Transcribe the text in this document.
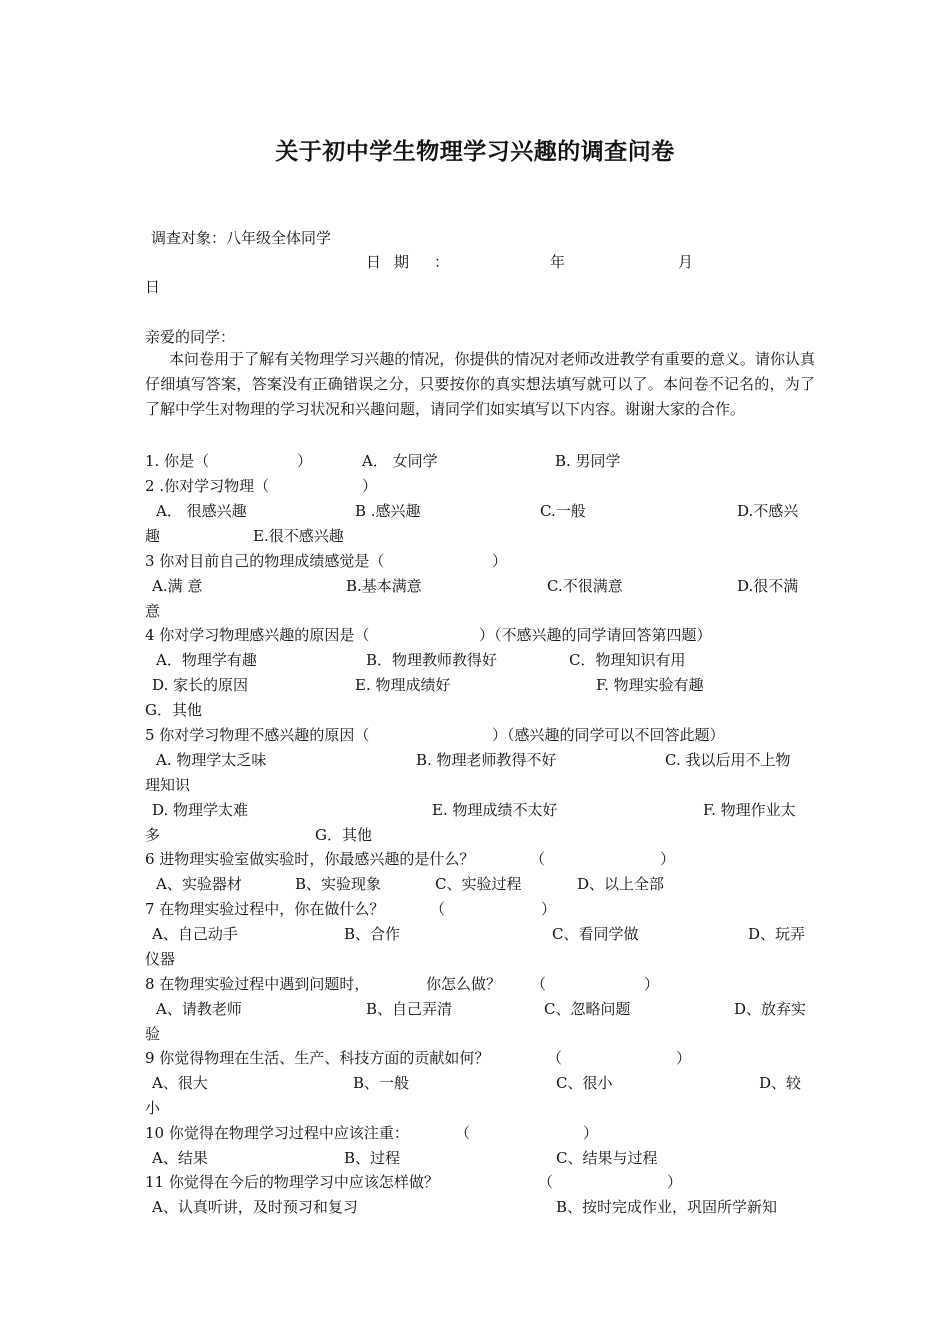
关于初中学生物理学习兴趣的调查问卷
调查对象：八年级全体同学
日 期 ：	年	月
日
亲爱的同学：
本问卷用于了解有关物理学习兴趣的情况，你提供的情况对老师改进教学有重要的意义。请你认真仔细填写答案，答案没有正确错误之分，只要按你的真实想法填写就可以了。本问卷不记名的，为了了解中学生对物理的学习状况和兴趣问题，请同学们如实填写以下内容。谢谢大家的合作。
1. 你是（	）	A． 女同学	B. 男同学
2 .你对学习物理（	）
A． 很感兴趣	B .感兴趣	C.一般	D.不感兴
趣	E.很不感兴趣
3 你对目前自己的物理成绩感觉是（	）
A.满 意	B.基本满意	C.不很满意	D.很不满
意
4 你对学习物理感兴趣的原因是（	）（不感兴趣的同学请回答第四题）
A．物理学有趣	B．物理教师教得好	C．物理知识有用
D. 家长的原因	E. 物理成绩好	F. 物理实验有趣
G．其他
5 你对学习物理不感兴趣的原因（	）（感兴趣的同学可以不回答此题）
A. 物理学太乏味	B. 物理老师教得不好	C. 我以后用不上物
理知识
D. 物理学太难	E. 物理成绩不太好	F. 物理作业太
多	G．其他
6 进物理实验室做实验时，你最感兴趣的是什么？	（	）
A、实验器材	B、实验现象	C、实验过程	D、以上全部
7 在物理实验过程中，你在做什么？	（	）
A、自己动手	B、合作	C、看同学做	D、玩弄
仪器
8 在物理实验过程中遇到问题时，	你怎么做？ （	）
A、请教老师	B、自己弄清	C、忽略问题	D、放弃实
验
9 你觉得物理在生活、生产、科技方面的贡献如何？	（	）
A、很大	B、一般	C、很小	D、较
小
10 你觉得在物理学习过程中应该注重：	（	）
A、结果	B、过程	C、结果与过程
11 你觉得在今后的物理学习中应该怎样做？	（	）
A、认真听讲，及时预习和复习	B、按时完成作业，巩固所学新知
